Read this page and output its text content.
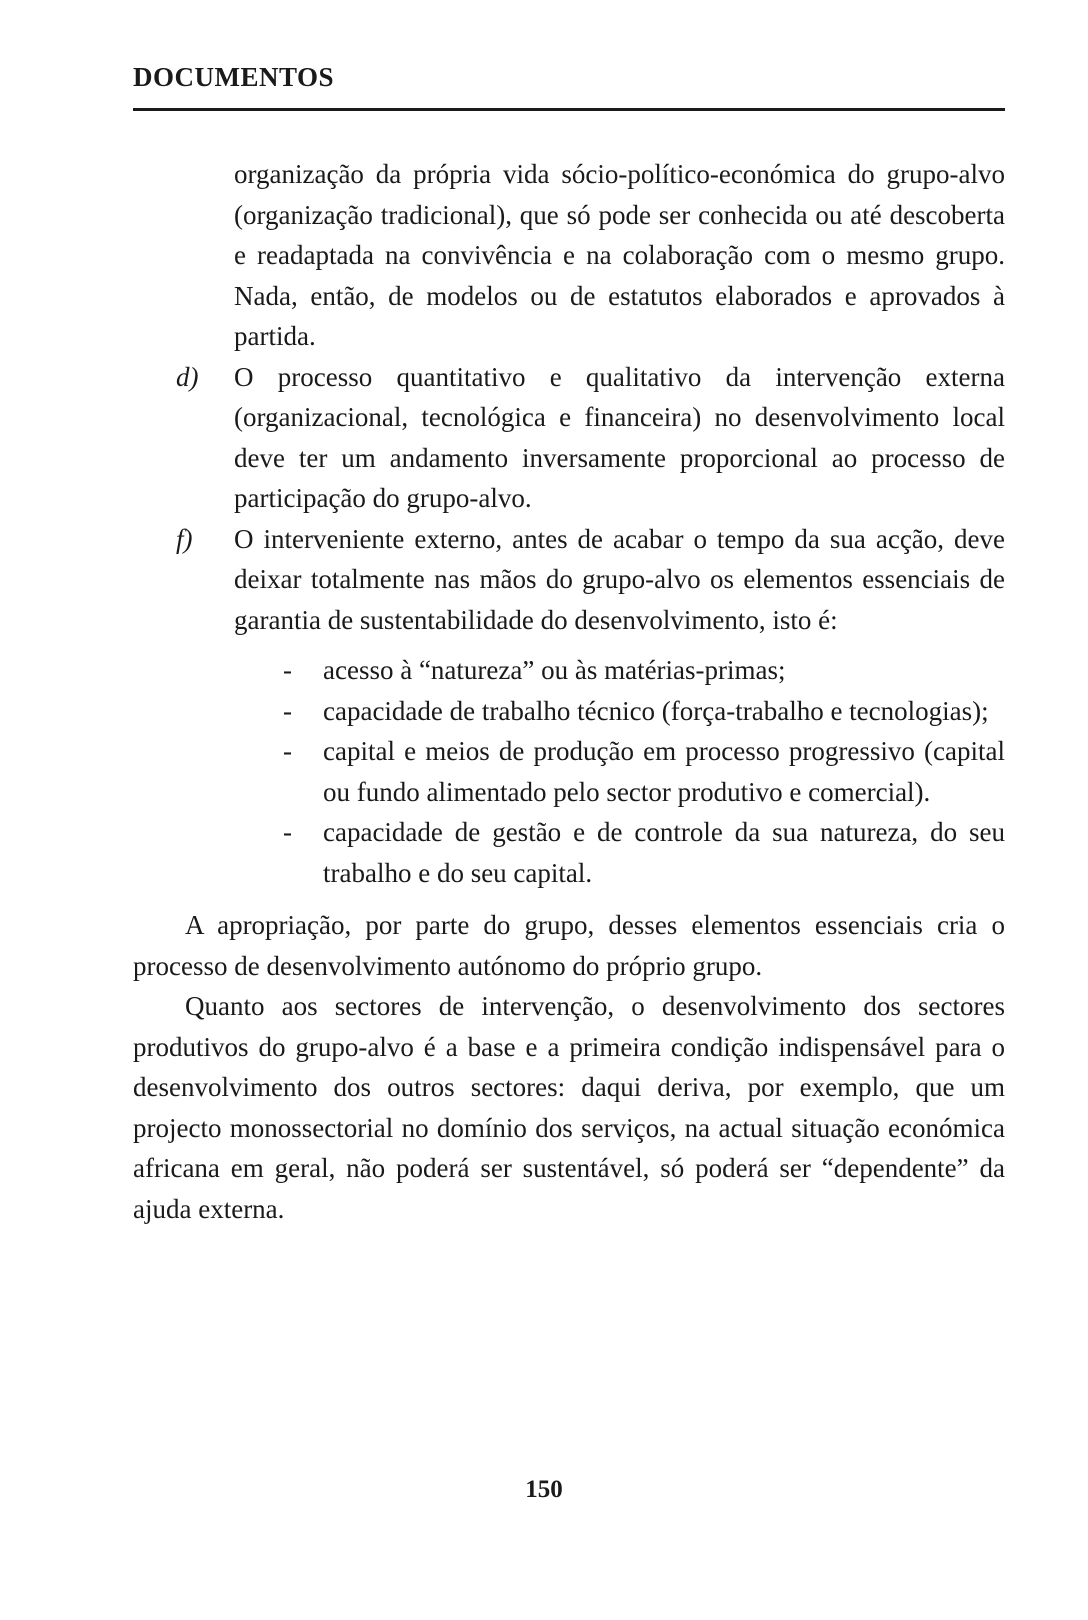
DOCUMENTOS

organização da própria vida sócio-político-económica do grupo-alvo (organização tradicional), que só pode ser conhecida ou até descoberta e readaptada na convivência e na colaboração com o mesmo grupo. Nada, então, de modelos ou de estatutos elaborados e aprovados à partida.

d) O processo quantitativo e qualitativo da intervenção externa (organizacional, tecnológica e financeira) no desenvolvimento local deve ter um andamento inversamente proporcional ao processo de participação do grupo-alvo.
f) O interveniente externo, antes de acabar o tempo da sua acção, deve deixar totalmente nas mãos do grupo-alvo os elementos essenciais de garantia de sustentabilidade do desenvolvimento, isto é:
- acesso à “natureza” ou às matérias-primas;
- capacidade de trabalho técnico (força-trabalho e tecnologias);
- capital e meios de produção em processo progressivo (capital ou fundo alimentado pelo sector produtivo e comercial).
- capacidade de gestão e de controle da sua natureza, do seu trabalho e do seu capital.

A apropriação, por parte do grupo, desses elementos essenciais cria o processo de desenvolvimento autónomo do próprio grupo.

Quanto aos sectores de intervenção, o desenvolvimento dos sectores produtivos do grupo-alvo é a base e a primeira condição indispensável para o desenvolvimento dos outros sectores: daqui deriva, por exemplo, que um projecto monossectorial no domínio dos serviços, na actual situação económica africana em geral, não poderá ser sustentável, só poderá ser “dependente” da ajuda externa.

150
